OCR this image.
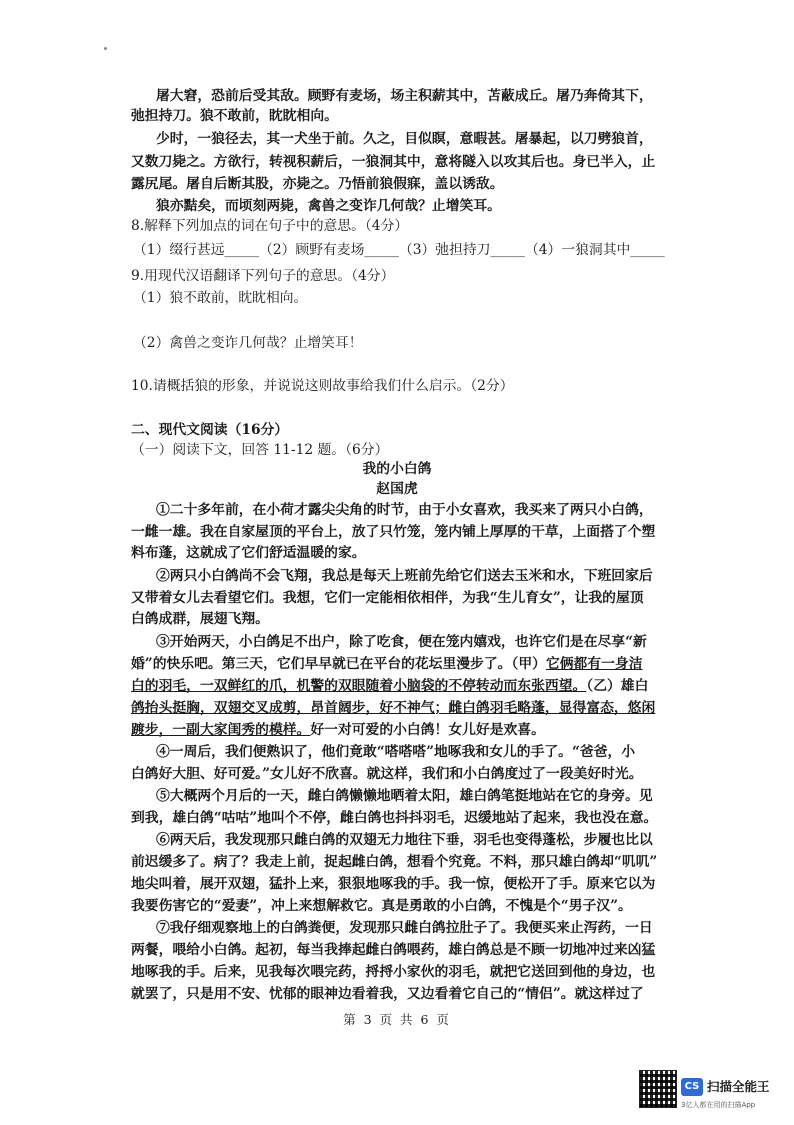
屠大窘，恐前后受其敌。顾野有麦场，场主积薪其中，苫蔽成丘。屠乃奔倚其下，
弛担持刀。狼不敢前，眈眈相向。
少时，一狼径去，其一犬坐于前。久之，目似瞑，意暇甚。屠暴起，以刀劈狼首，
又数刀毙之。方欲行，转视积薪后，一狼洞其中，意将隧入以攻其后也。身已半入，止
露尻尾。屠自后断其股，亦毙之。乃悟前狼假寐，盖以诱敌。
狼亦黠矣，而顷刻两毙，禽兽之变诈几何哉？止增笑耳。
8.解释下列加点的词在句子中的意思。（4分）
（1）缀行甚远_____（2）顾野有麦场_____（3）弛担持刀_____（4）一狼洞其中_____
9.用现代汉语翻译下列句子的意思。（4分）
（1）狼不敢前，眈眈相向。
（2）禽兽之变诈几何哉？止增笑耳！
10.请概括狼的形象，并说说这则故事给我们什么启示。（2分）
二、现代文阅读（16分）
（一）阅读下文，回答 11-12 题。（6分）
我的小白鸽
赵国虎
①二十多年前，在小荷才露尖尖角的时节，由于小女喜欢，我买来了两只小白鸽，
一雌一雄。我在自家屋顶的平台上，放了只竹笼，笼内铺上厚厚的干草，上面搭了个塑
料布蓬，这就成了它们舒适温暖的家。
②两只小白鸽尚不会飞翔，我总是每天上班前先给它们送去玉米和水，下班回家后
又带着女儿去看望它们。我想，它们一定能相依相伴，为我“生儿育女”，让我的屋顶
白鸽成群，展翅飞翔。
③开始两天，小白鸽足不出户，除了吃食，便在笼内嬉戏，也许它们是在尽享“新
婚”的快乐吧。第三天，它们早早就已在平台的花坛里漫步了。（甲）它俩都有一身洁
白的羽毛，一双鲜红的爪，机警的双眼随着小脑袋的不停转动而东张西望。（乙）雄白
鸽抬头挺胸，双翅交叉成剪，昂首阔步，好不神气；雌白鸽羽毛略蓬，显得富态，悠闲
踱步，一副大家闺秀的模样。好一对可爱的小白鸽！女儿好是欢喜。
④一周后，我们便熟识了，他们竟敢“嗒嗒嗒”地啄我和女儿的手了。“爸爸，小
白鸽好大胆、好可爱。”女儿好不欣喜。就这样，我们和小白鸽度过了一段美好时光。
⑤大概两个月后的一天，雌白鸽懒懒地晒着太阳，雄白鸽笔挺地站在它的身旁。见
到我，雄白鸽“咕咕”地叫个不停，雌白鸽也抖抖羽毛，迟缓地站了起来，我也没在意。
⑥两天后，我发现那只雌白鸽的双翅无力地往下垂，羽毛也变得蓬松，步履也比以
前迟缓多了。病了？我走上前，捉起雌白鸽，想看个究竟。不料，那只雄白鸽却“叽叽”
地尖叫着，展开双翅，猛扑上来，狠狠地啄我的手。我一惊，便松开了手。原来它以为
我要伤害它的“爱妻”，冲上来想解救它。真是勇敢的小白鸽，不愧是个“男子汉”。
⑦我仔细观察地上的白鸽粪便，发现那只雌白鸽拉肚子了。我便买来止泻药，一日
两餐，喂给小白鸽。起初，每当我捧起雌白鸽喂药，雄白鸽总是不顾一切地冲过来凶猛
地啄我的手。后来，见我每次喂完药，捋捋小家伙的羽毛，就把它送回到他的身边，也
就罢了，只是用不安、忧郁的眼神边看着我，又边看着它自己的“情侣”。就这样过了
第 3 页 共 6 页
CS 扫描全能王
3亿人都在用的扫描App
